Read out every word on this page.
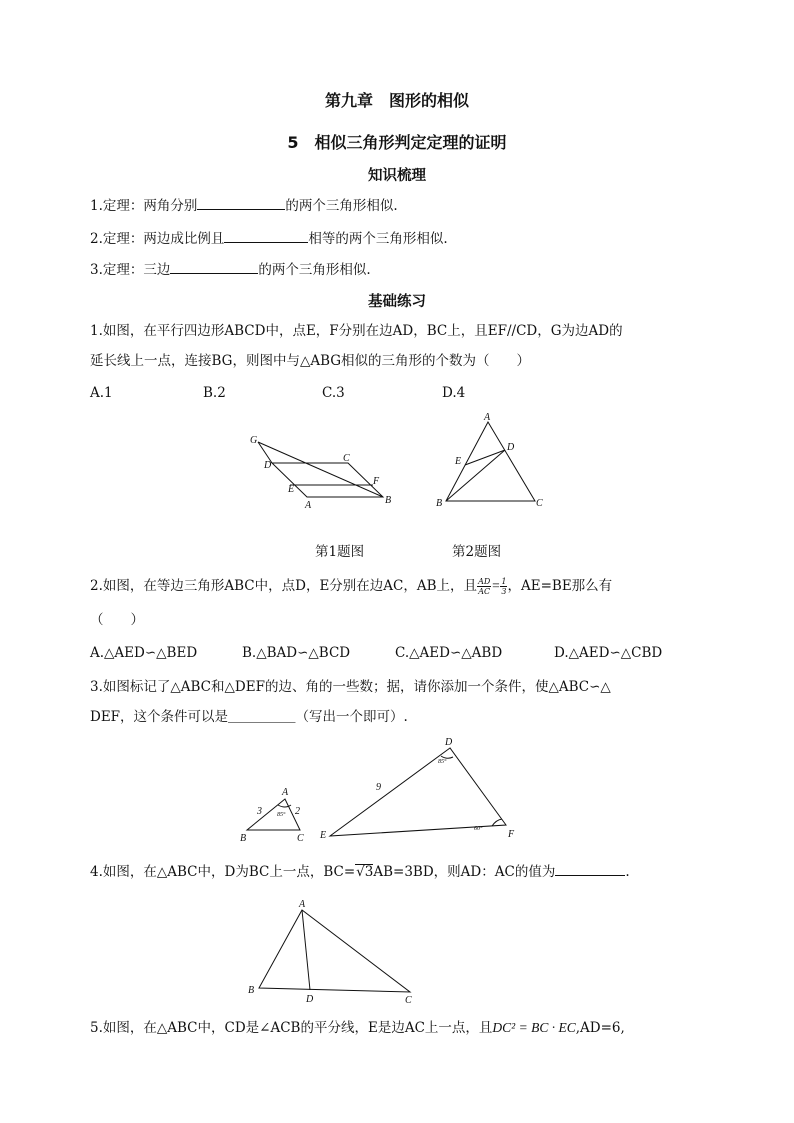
第九章　图形的相似
5　相似三角形判定定理的证明
知识梳理
1.定理：两角分别	的两个三角形相似.
2.定理：两边成比例且	相等的两个三角形相似.
3.定理：三边	的两个三角形相似.
基础练习
1.如图，在平行四边形ABCD中，点E，F分别在边AD，BC上，且EF//CD，G为边AD的
延长线上一点，连接BG，则图中与△ABG相似的三角形的个数为（　　）
A.1	B.2	C.3	D.4
G
C
D
F
E
B
A
A
D
E
B	C
第1题图	第2题图
2.如图，在等边三角形ABC中，点D，E分别在边AC，AB上，且 $\frac{AD}{AC} = \frac{1}{3}$ ，AE=BE那么有
（　　）
A.△AED∽△BED	B.△BAD∽△BCD	C.△AED∽△ABD	D.△AED∽△CBD
3.如图标记了△ABC和△DEF的边、角的一些数；据，请你添加一个条件，使△ABC∽△
DEF，这个条件可以是＿＿＿＿＿（写出一个即可）.
A
3	2
85°
B	C
D
9
85°
60°
E	F
4.如图，在△ABC中，D为BC上一点，BC=√3AB=3BD，则AD：AC的值为	.
A
B
D	C
5.如图，在△ABC中，CD是∠ACB的平分线，E是边AC上一点，且DC² = BC · EC,AD=6,
